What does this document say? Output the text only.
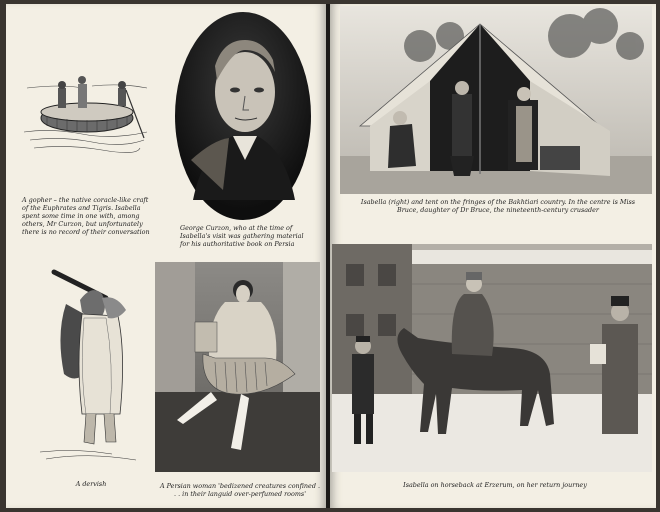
A gopher – the native coracle-like craft of the Euphrates and Tigris. Isabella spent some time in one with, among others, Mr Curzon, but unfortunately there is no record of their conversation	George Curzon, who at the time of Isabella's visit was gathering material for his authoritative book on Persia
A dervish	A Persian woman 'bedizened creatures confined . . . in their languid over-perfumed rooms'
Isabella (right) and tent on the fringes of the Bakhtiari country. In the centre is Miss Bruce, daughter of Dr Bruce, the nineteenth-century crusader
Isabella on horseback at Erzerum, on her return journey
